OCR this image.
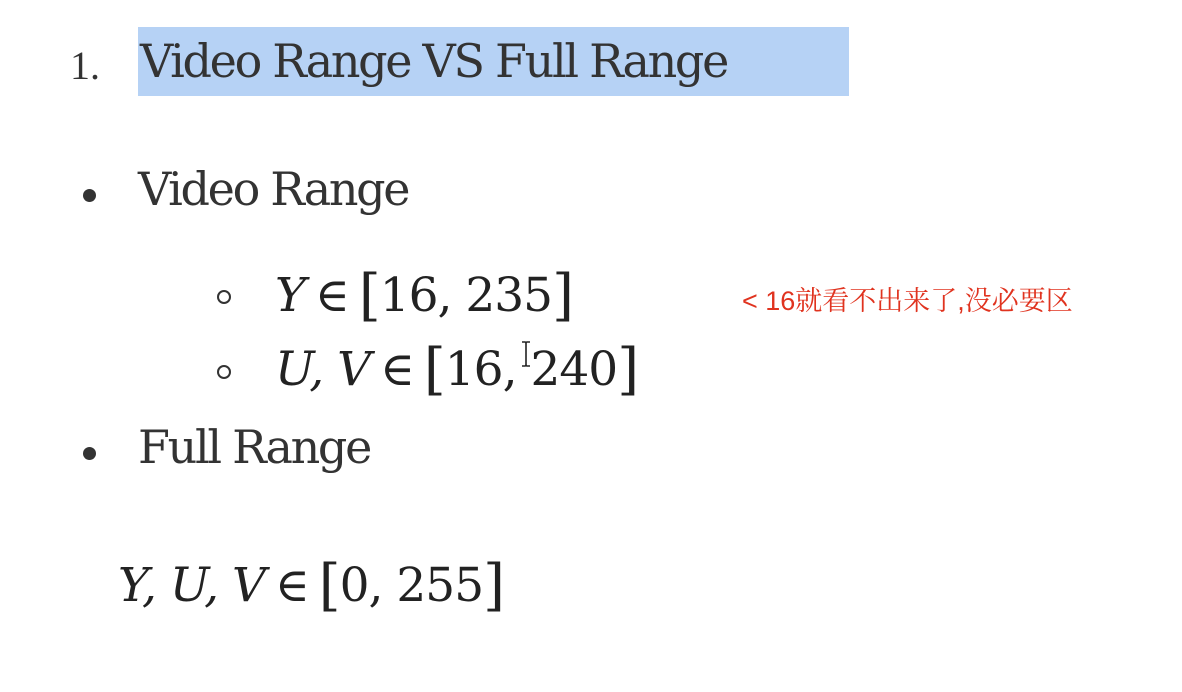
1. Video Range VS Full Range
Video Range
Y ∈ [16, 235]	< 16就看不出来了,没必要区
U, V ∈ [16, 240]
Full Range
Y, U, V ∈ [0, 255]
